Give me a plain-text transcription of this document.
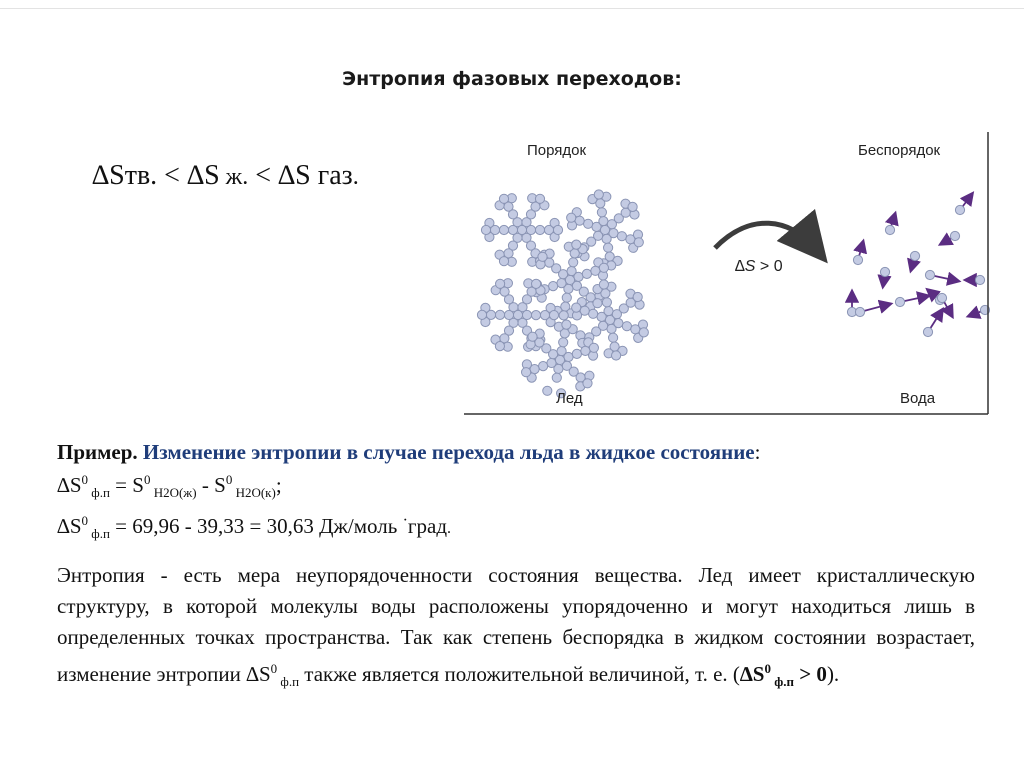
Энтропия фазовых переходов:
∆Sтв. < ∆S ж. < ∆S газ.
Порядок	Беспорядок
Лед	Вода
∆S > 0
Пример. Изменение энтропии в случае перехода льда в жидкое состояние:
$\Delta S^0$ $_{ф.п} = S^0$ $_{H2O(ж)} - S^0$ $_{H2O(к)}$;
$\Delta S^0$ $_{ф.п}$ = 69,96 - 39,33 = 30,63 Дж/моль ·град.
Энтропия - есть мера неупорядоченности состояния вещества. Лед имеет кристаллическую структуру, в которой молекулы воды расположены упорядоченно и могут находиться лишь в определенных точках пространства. Так как степень беспорядка в жидком состоянии возрастает, изменение энтропии $\Delta S^0$ $_{ф.п}$ также является положительной величиной, т. е. ($\Delta S^0$ $_{ф.п}$ > 0).
